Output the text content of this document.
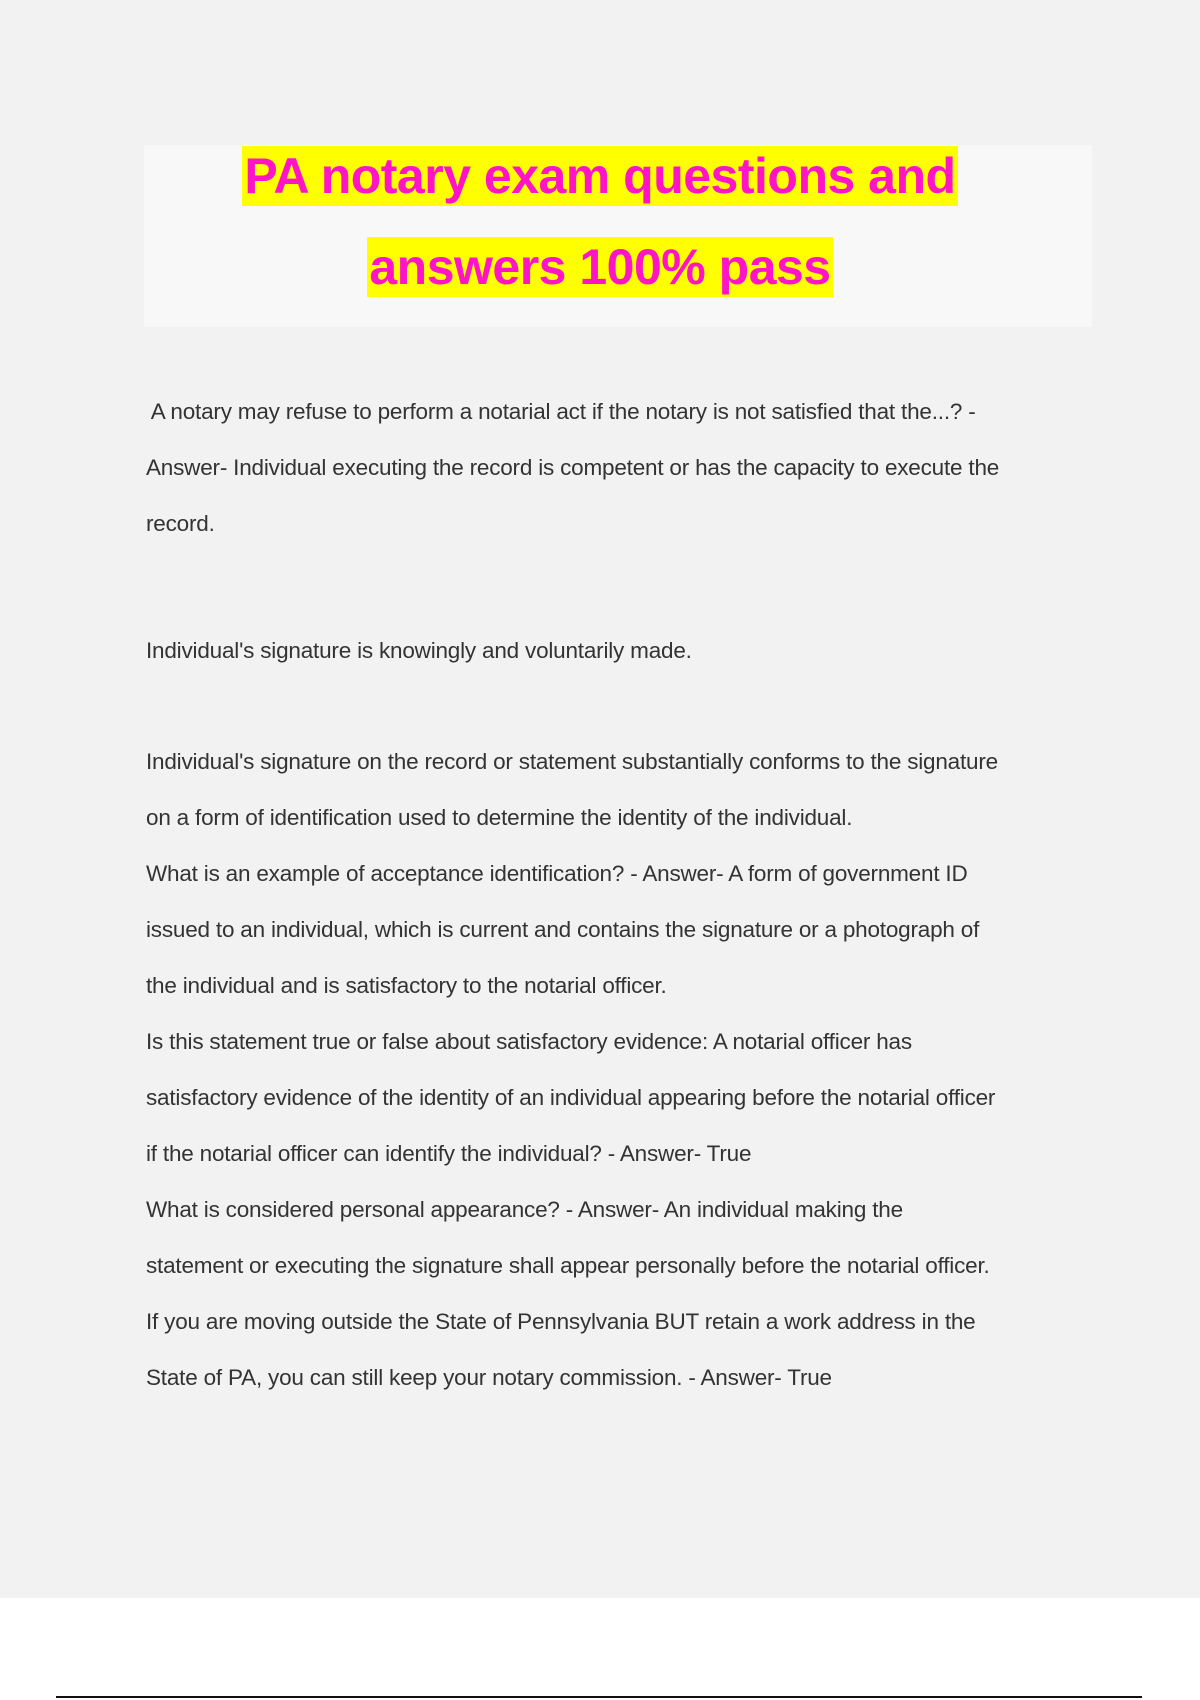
PA notary exam questions and
answers 100% pass
A notary may refuse to perform a notarial act if the notary is not satisfied that the...? -
Answer- Individual executing the record is competent or has the capacity to execute the
record.
Individual's signature is knowingly and voluntarily made.
Individual's signature on the record or statement substantially conforms to the signature
on a form of identification used to determine the identity of the individual.
What is an example of acceptance identification? - Answer- A form of government ID
issued to an individual, which is current and contains the signature or a photograph of
the individual and is satisfactory to the notarial officer.
Is this statement true or false about satisfactory evidence: A notarial officer has
satisfactory evidence of the identity of an individual appearing before the notarial officer
if the notarial officer can identify the individual? - Answer- True
What is considered personal appearance? - Answer- An individual making the
statement or executing the signature shall appear personally before the notarial officer.
If you are moving outside the State of Pennsylvania BUT retain a work address in the
State of PA, you can still keep your notary commission. - Answer- True
